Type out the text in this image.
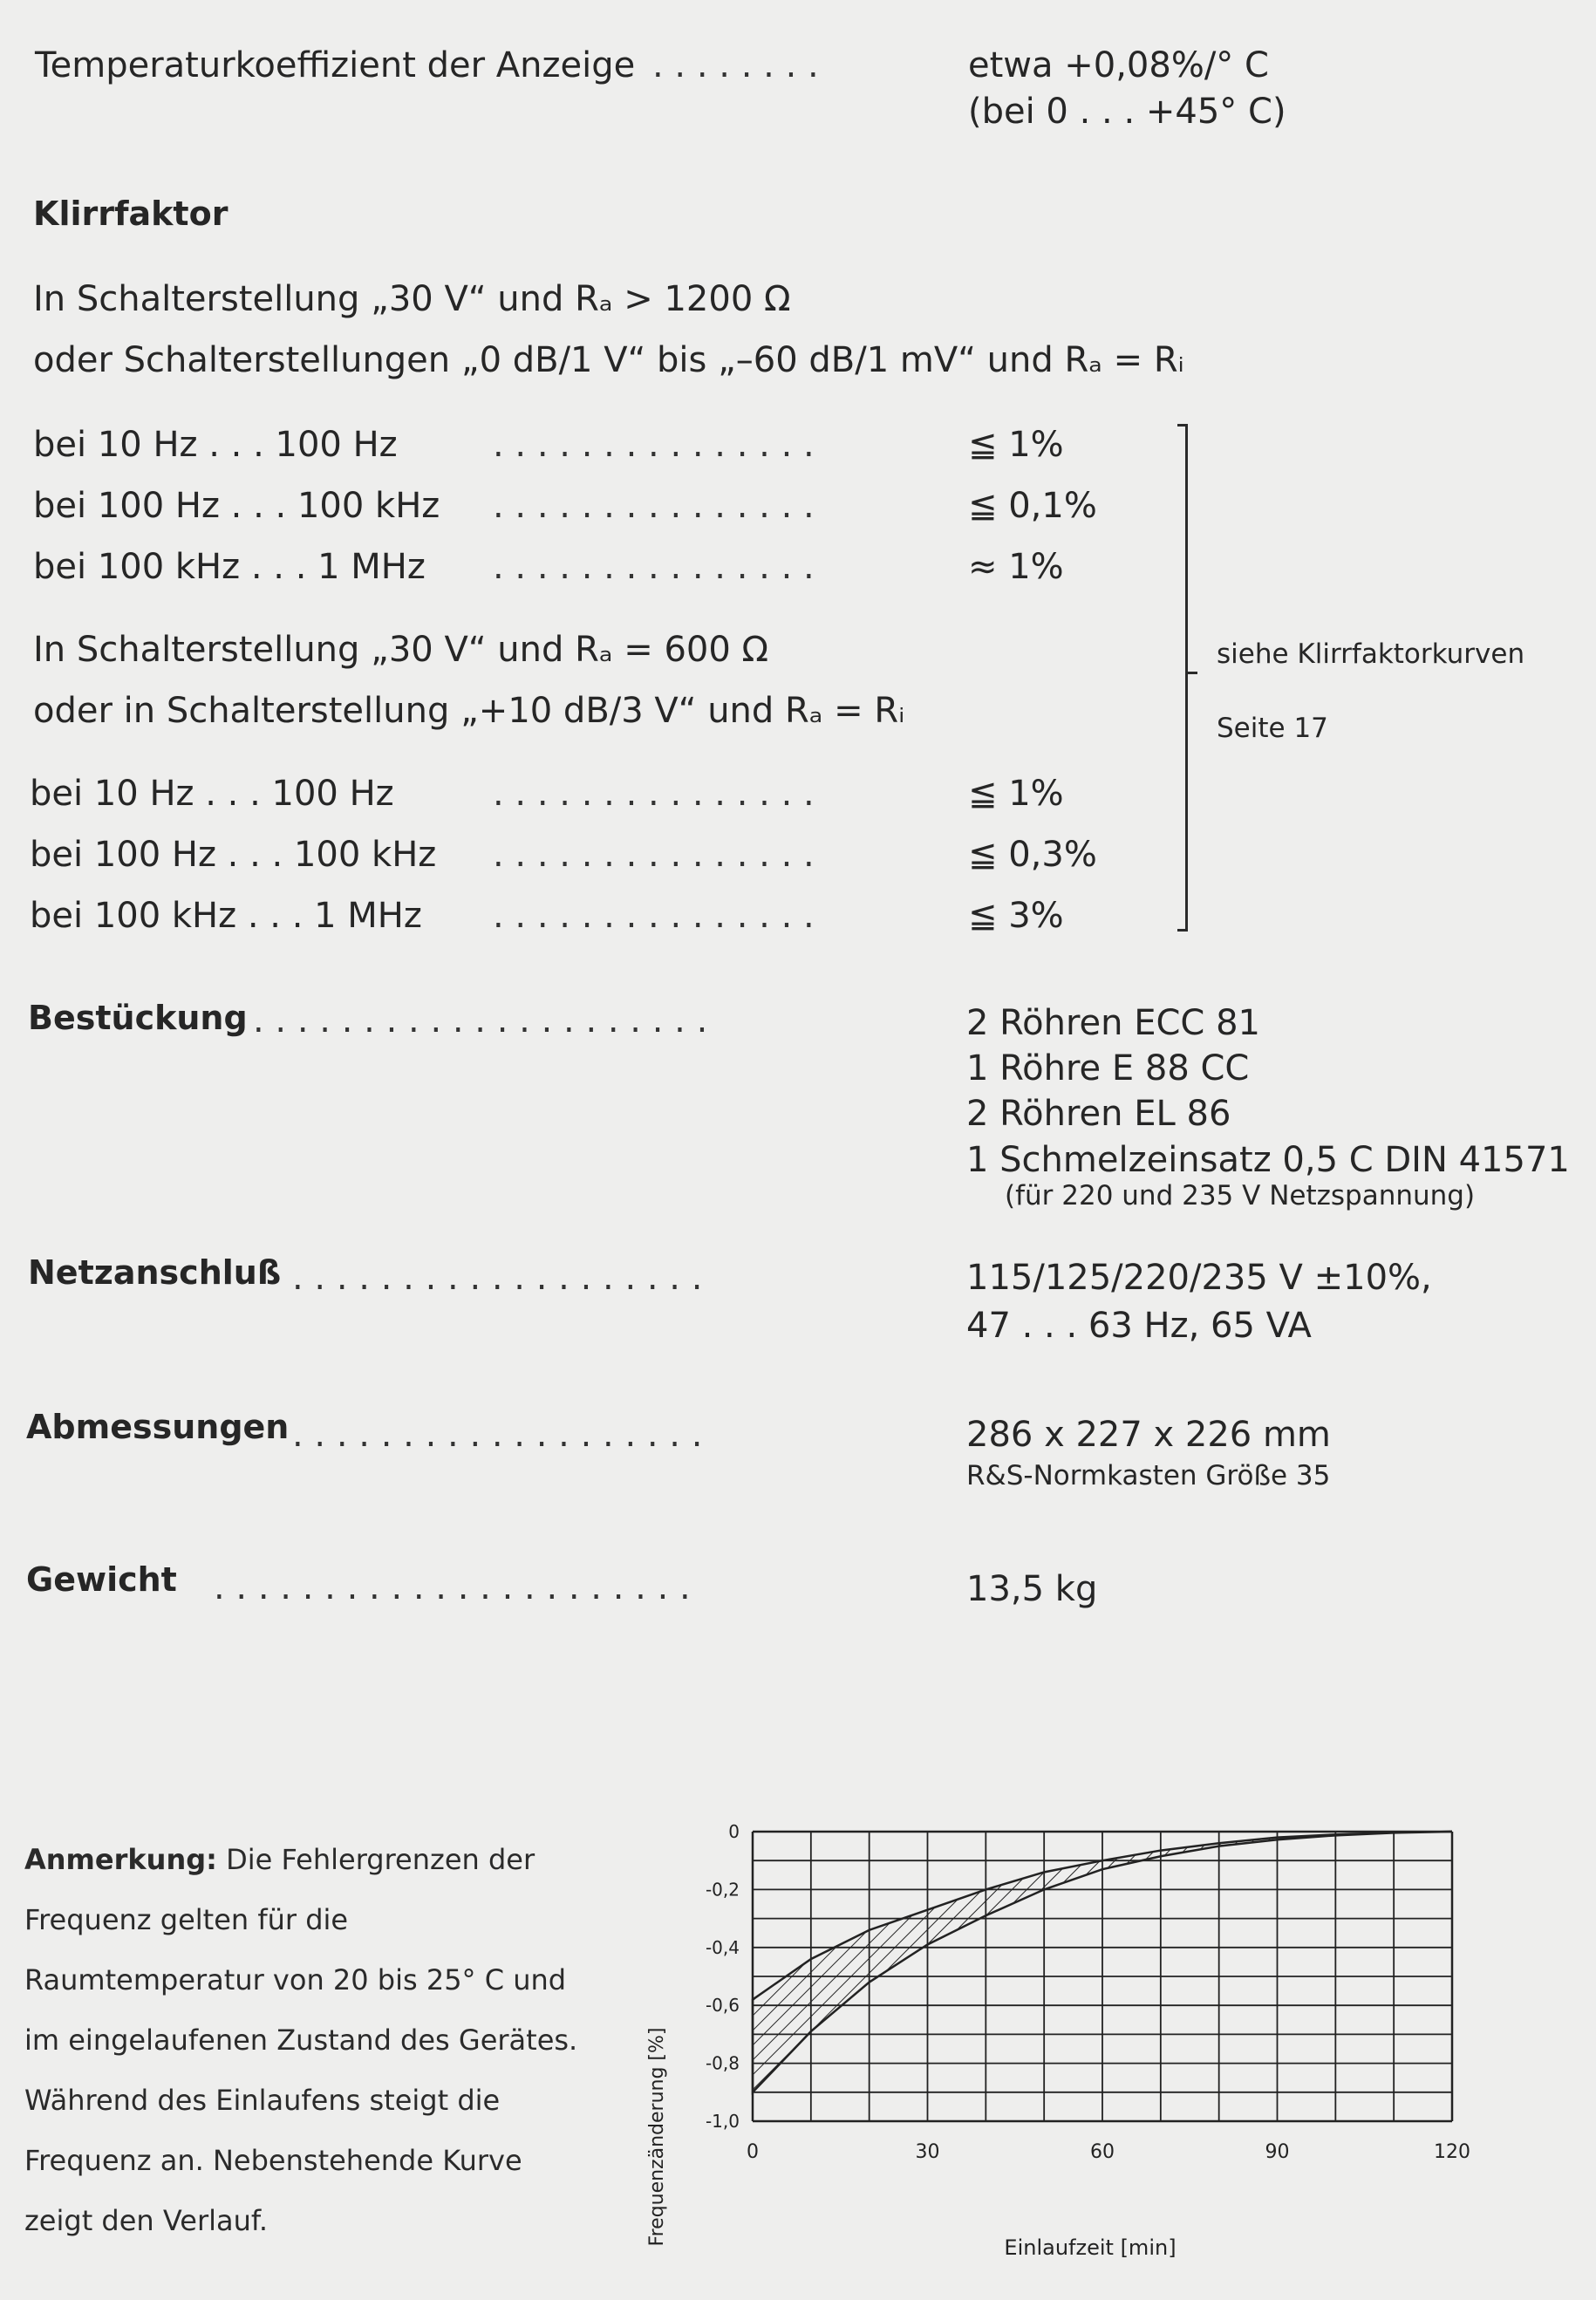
Temperaturkoeffizient der Anzeige . . . . . . . .	etwa +0,08%/° C
(bei 0 . . . +45° C)
Klirrfaktor
In Schalterstellung „30 V“ und Rₐ > 1200 Ω
oder Schalterstellungen „0 dB/1 V“ bis „–60 dB/1 mV“ und Rₐ = Rᵢ
bei 10 Hz . . . 100 Hz	. . . . . . . . . . . . . . .	≦ 1%
bei 100 Hz . . . 100 kHz . . . . . . . . . . . . . . .	≦ 0,1%
bei 100 kHz . . . 1 MHz . . . . . . . . . . . . . . .	≈ 1%
In Schalterstellung „30 V“ und Rₐ = 600 Ω
oder in Schalterstellung „+10 dB/3 V“ und Rₐ = Rᵢ
bei 10 Hz . . . 100 Hz	. . . . . . . . . . . . . . .	≦ 1%
bei 100 Hz . . . 100 kHz . . . . . . . . . . . . . . .	≦ 0,3%
bei 100 kHz . . . 1 MHz . . . . . . . . . . . . . . .	≦ 3%
siehe Klirrfaktorkurven
Seite 17
Bestückung . . . . . . . . . . . . . . . . . . . . .	2 Röhren ECC 81
1 Röhre E 88 CC
2 Röhren EL 86
1 Schmelzeinsatz 0,5 C DIN 41571
(für 220 und 235 V Netzspannung)
Netzanschluß . . . . . . . . . . . . . . . . . . .	115/125/220/235 V ±10%,
47 . . . 63 Hz, 65 VA
Abmessungen . . . . . . . . . . . . . . . . . . .	286 x 227 x 226 mm
R&S-Normkasten Größe 35
Gewicht . . . . . . . . . . . . . . . . . . . . . .	13,5 kg
Anmerkung: Die Fehlergrenzen der Frequenz gelten für die Raumtemperatur von 20 bis 25° C und im eingelaufenen Zustand des Gerätes. Während des Einlaufens steigt die Frequenz an. Nebenstehende Kurve zeigt den Verlauf.
0
-0,2
-0,4
-0,6
-0,8
-1,0
0	30	60	90	120
Frequenzänderung [%]
Einlaufzeit [min]
